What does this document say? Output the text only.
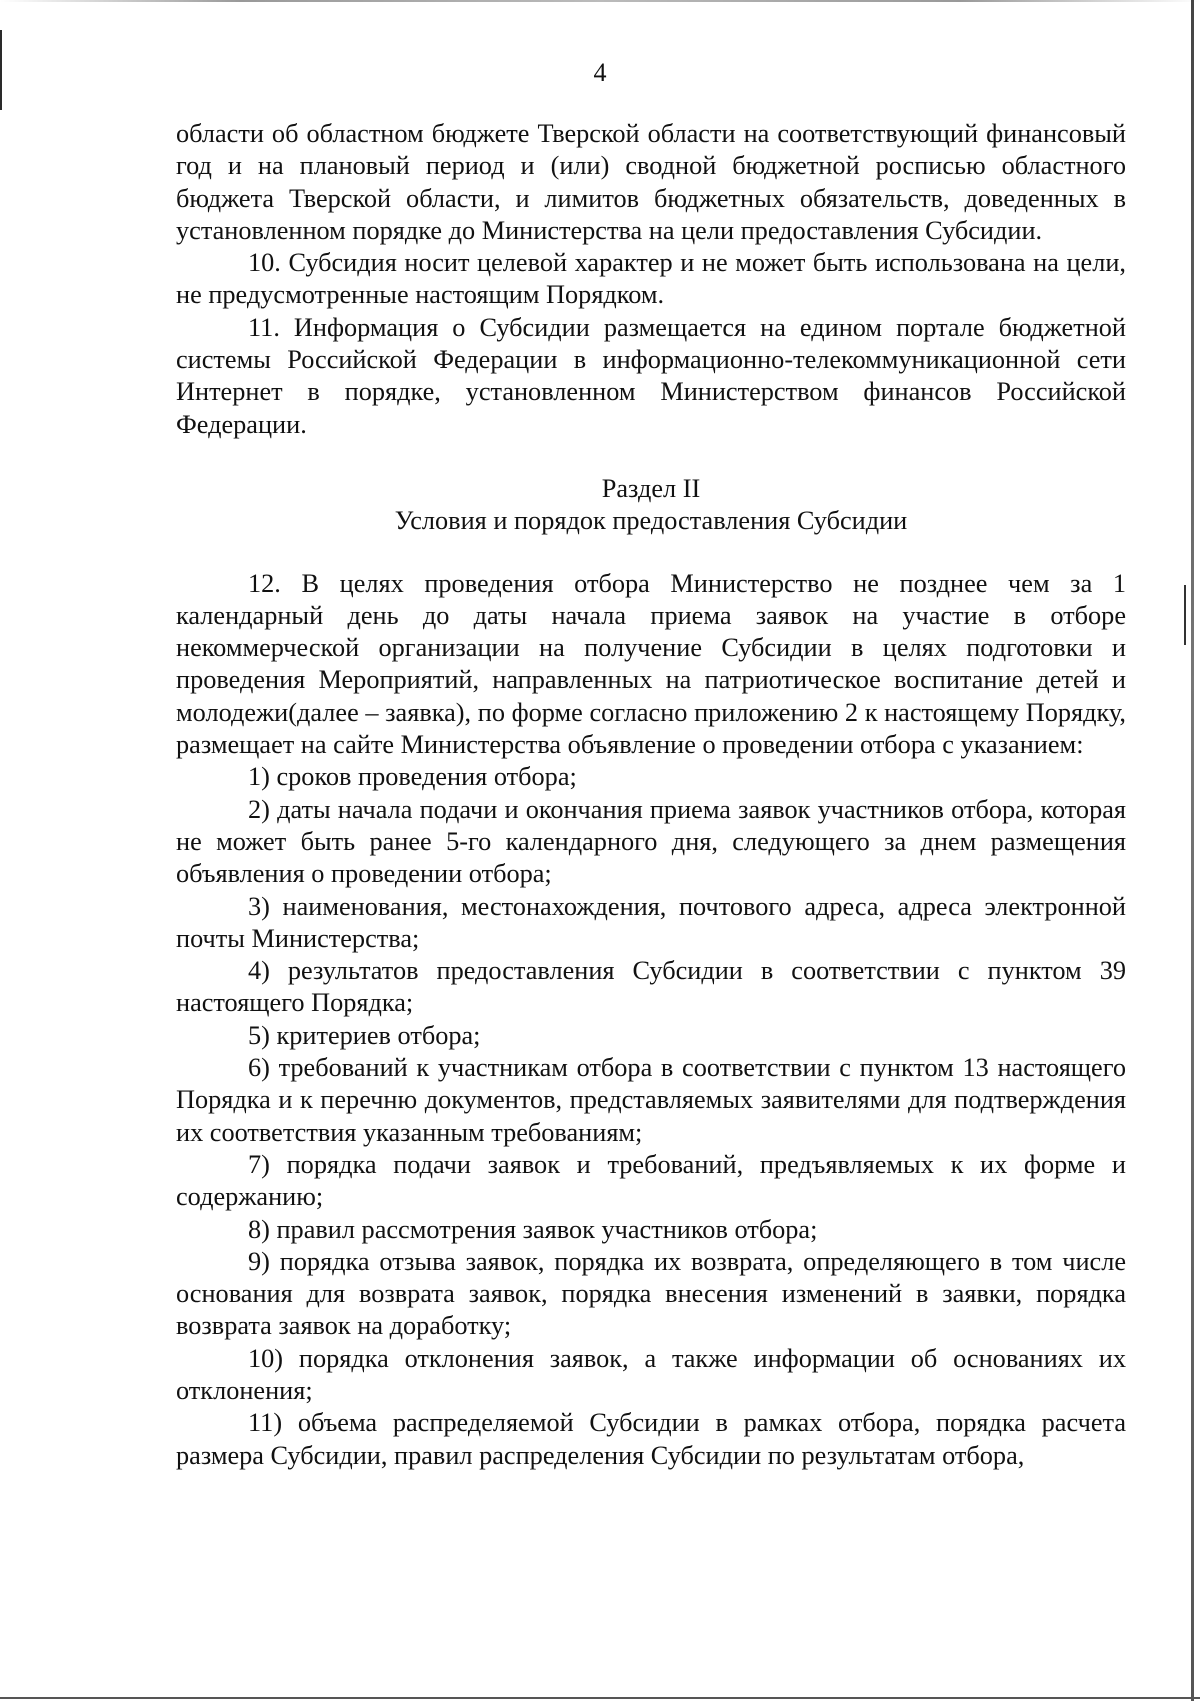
4

области об областном бюджете Тверской области на соответствующий финансовый год и на плановый период и (или) сводной бюджетной росписью областного бюджета Тверской области, и лимитов бюджетных обязательств, доведенных в установленном порядке до Министерства на цели предоставления Субсидии.

10. Субсидия носит целевой характер и не может быть использована на цели, не предусмотренные настоящим Порядком.

11. Информация о Субсидии размещается на едином портале бюджетной системы Российской Федерации в информационно-телекоммуникационной сети Интернет в порядке, установленном Министерством финансов Российской Федерации.

Раздел II

Условия и порядок предоставления Субсидии

12. В целях проведения отбора Министерство не позднее чем за 1 календарный день до даты начала приема заявок на участие в отборе некоммерческой организации на получение Субсидии в целях подготовки и проведения Мероприятий, направленных на патриотическое воспитание детей и молодежи(далее – заявка), по форме согласно приложению 2 к настоящему Порядку, размещает на сайте Министерства объявление о проведении отбора с указанием:

1) сроков проведения отбора;

2) даты начала подачи и окончания приема заявок участников отбора, которая не может быть ранее 5-го календарного дня, следующего за днем размещения объявления о проведении отбора;

3) наименования, местонахождения, почтового адреса, адреса электронной почты Министерства;

4) результатов предоставления Субсидии в соответствии с пунктом 39 настоящего Порядка;

5) критериев отбора;

6) требований к участникам отбора в соответствии с пунктом 13 настоящего Порядка и к перечню документов, представляемых заявителями для подтверждения их соответствия указанным требованиям;

7) порядка подачи заявок и требований, предъявляемых к их форме и содержанию;

8) правил рассмотрения заявок участников отбора;

9) порядка отзыва заявок, порядка их возврата, определяющего в том числе основания для возврата заявок, порядка внесения изменений в заявки, порядка возврата заявок на доработку;

10) порядка отклонения заявок, а также информации об основаниях их отклонения;

11) объема распределяемой Субсидии в рамках отбора, порядка расчета размера Субсидии, правил распределения Субсидии по результатам отбора,
